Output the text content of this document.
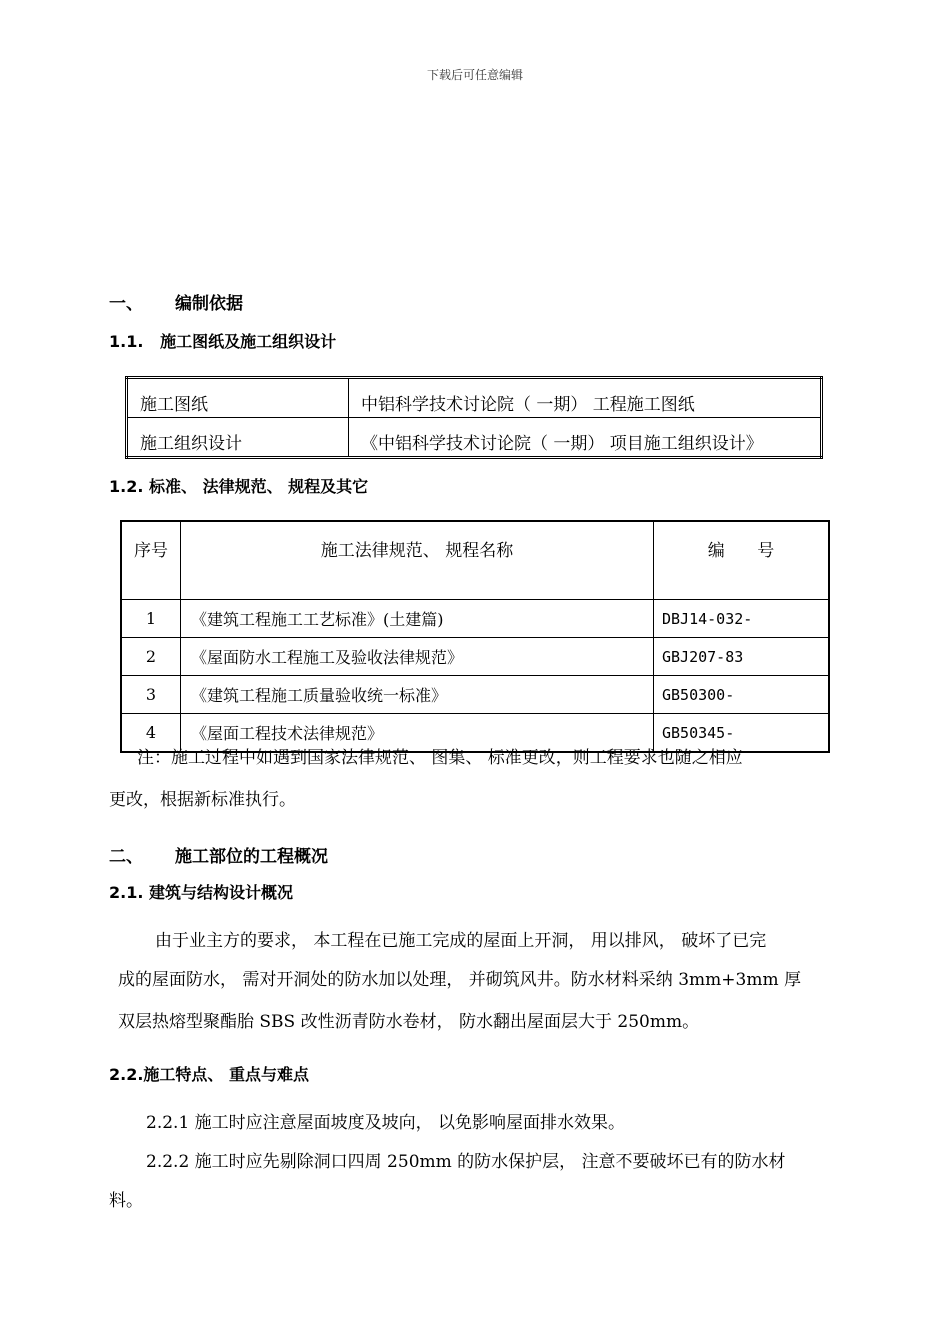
下载后可任意编辑
一、 编制依据
1.1.   施工图纸及施工组织设计
施工图纸	中铝科学技术讨论院（ 一期） 工程施工图纸
施工组织设计	《中铝科学技术讨论院（ 一期） 项目施工组织设计》
1.2. 标准、 法律规范、 规程及其它
序号	施工法律规范、 规程名称	编      号
1	《建筑工程施工工艺标准》(土建篇)	DBJ14-032-
2	《屋面防水工程施工及验收法律规范》	GBJ207-83
3	《建筑工程施工质量验收统一标准》	GB50300-
4	《屋面工程技术法律规范》	GB50345-
注：施工过程中如遇到国家法律规范、 图集、 标准更改，则工程要求也随之相应
更改，根据新标准执行。
二、 施工部位的工程概况
2.1. 建筑与结构设计概况
由于业主方的要求， 本工程在已施工完成的屋面上开洞， 用以排风， 破坏了已完
成的屋面防水， 需对开洞处的防水加以处理， 并砌筑风井。防水材料采纳 3mm+3mm 厚
双层热熔型聚酯胎 SBS 改性沥青防水卷材， 防水翻出屋面层大于 250mm。
2.2.施工特点、 重点与难点
2.2.1 施工时应注意屋面坡度及坡向， 以免影响屋面排水效果。
2.2.2 施工时应先剔除洞口四周 250mm 的防水保护层， 注意不要破坏已有的防水材
料。
